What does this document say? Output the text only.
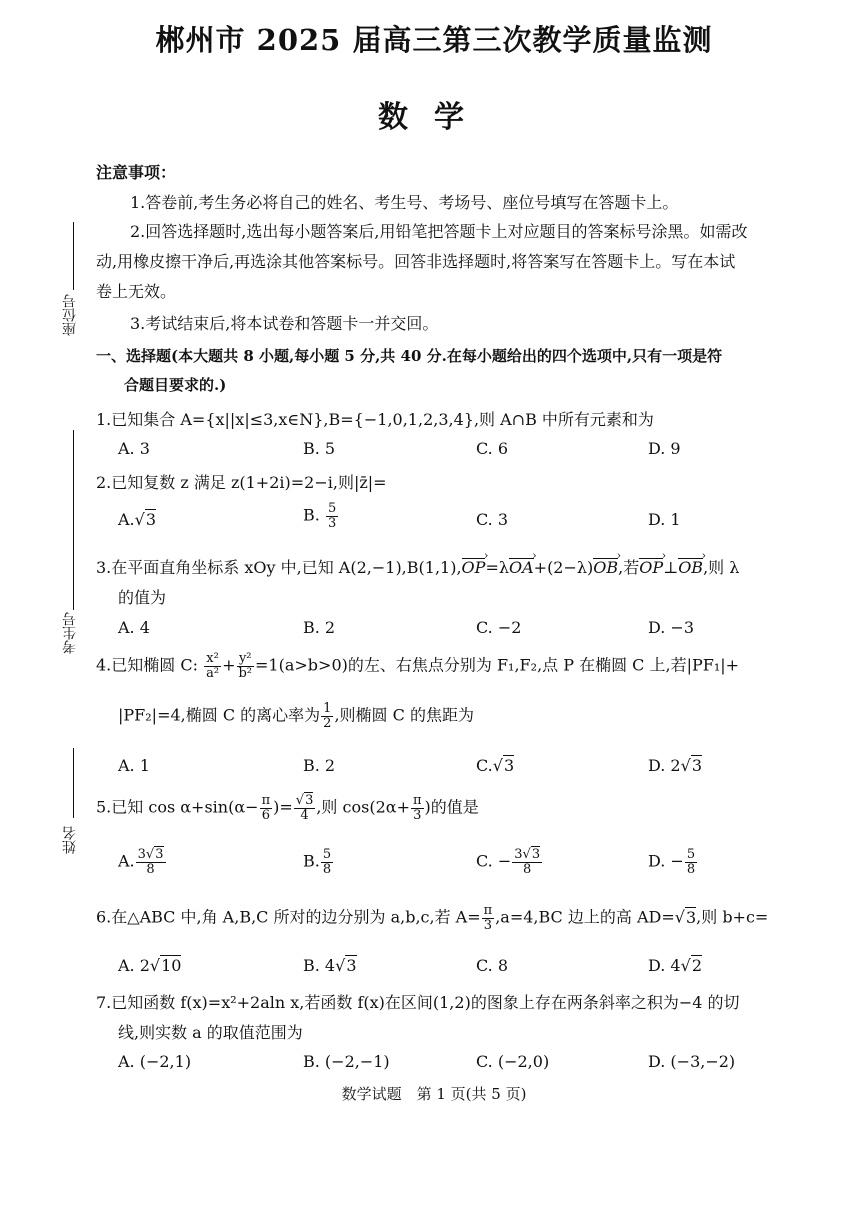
郴州市 2025 届高三第三次教学质量监测
数学
座位号
考生号
姓名
注意事项：
1.答卷前,考生务必将自己的姓名、考生号、考场号、座位号填写在答题卡上。
2.回答选择题时,选出每小题答案后,用铅笔把答题卡上对应题目的答案标号涂黑。如需改
动,用橡皮擦干净后,再选涂其他答案标号。回答非选择题时,将答案写在答题卡上。写在本试
卷上无效。
3.考试结束后,将本试卷和答题卡一并交回。
一、选择题(本大题共 8 小题,每小题 5 分,共 40 分.在每小题给出的四个选项中,只有一项是符
合题目要求的.)
1.已知集合 A={x||x|≤3,x∈N},B={−1,0,1,2,3,4},则 A∩B 中所有元素和为
A. 3	B. 5	C. 6	D. 9
2.已知复数 z 满足 z(1+2i)=2−i,则|z̄|=
A.√3	B. $\frac{5}{3}$	C. 3	D. 1
3.在平面直角坐标系 xOy 中,已知 A(2,−1),B(1,1),OP ›=λOA ›+(2−λ)OB ›,若OP ›⊥OB ›,则 λ
的值为
A. 4	B. 2	C. −2	D. −3
4.已知椭圆 C: $\frac{\text{x²}}{\text{a²}} + \frac{\text{y²}}{\text{b²}} =1(a>b>0)$的左、右焦点分别为 F₁,F₂,点 P 在椭圆 C 上,若|PF₁|+
|PF₂|=4,椭圆 C 的离心率为 $\frac{1}{2}$ ,则椭圆 C 的焦距为
A. 1	B. 2	C.√3	D. 2√3
5.已知 $\cos \alpha+\sin(\alpha- \frac{\pi}{6}$ )= $\frac{√3}{4}$ ,则 $\cos(2\alpha+ \frac{\pi}{3}$ )的值是
A. $\frac{3√3}{8}$	B. $\frac{5}{8}$	C. − $\frac{3√3}{8}$	D. − $\frac{5}{8}$
6.在△ABC 中,角 A,B,C 所对的边分别为 a,b,c,若 $A= \frac{\pi}{3} ,a=4,BC$ 边上的高 AD=√3,则 b+c=
A. 2√10	B. 4√3	C. 8	D. 4√2
7.已知函数 f(x)=x²+2aln x,若函数 f(x)在区间(1,2)的图象上存在两条斜率之积为−4 的切
线,则实数 a 的取值范围为
A. (−2,1)	B. (−2,−1)	C. (−2,0)	D. (−3,−2)
数学试题　第 1 页(共 5 页)
